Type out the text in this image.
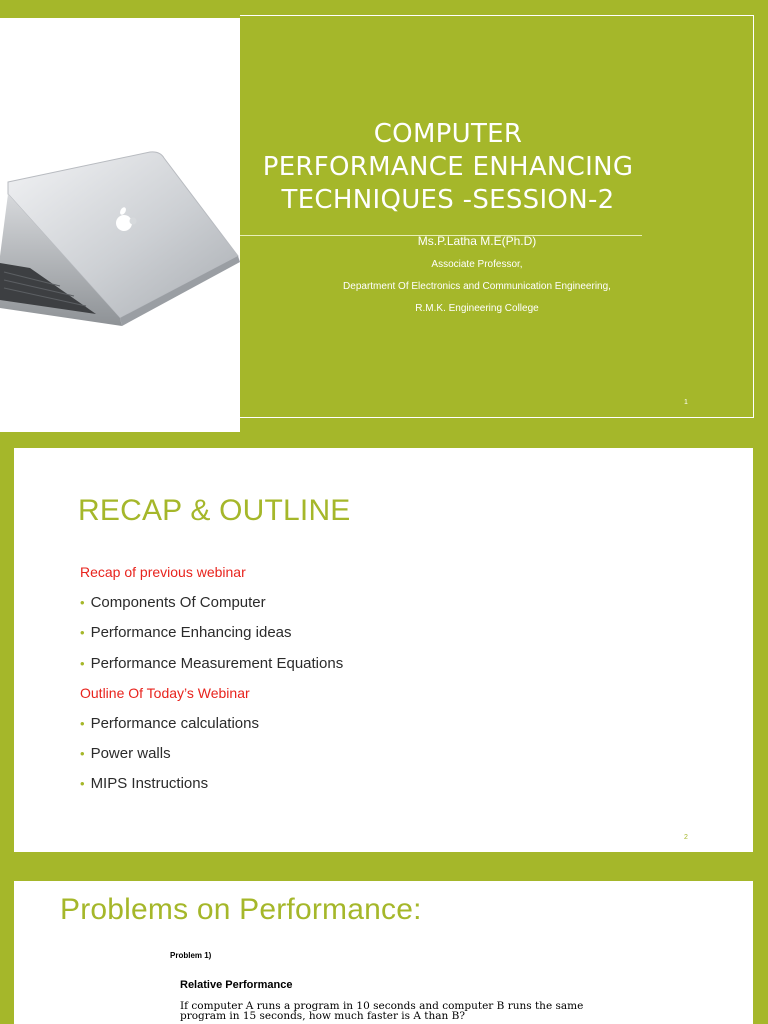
COMPUTER
PERFORMANCE ENHANCING
TECHNIQUES -SESSION-2
Ms.P.Latha M.E(Ph.D)
Associate Professor,
Department Of Electronics and Communication Engineering,
R.M.K. Engineering College
1
RECAP & OUTLINE
Recap of previous webinar
• Components Of Computer
• Performance Enhancing ideas
• Performance Measurement Equations
Outline Of Today’s Webinar
• Performance calculations
• Power walls
• MIPS Instructions
2
Problems on Performance:
Problem 1)
Relative Performance
If computer A runs a program in 10 seconds and computer B runs the same
program in 15 seconds, how much faster is A than B?
